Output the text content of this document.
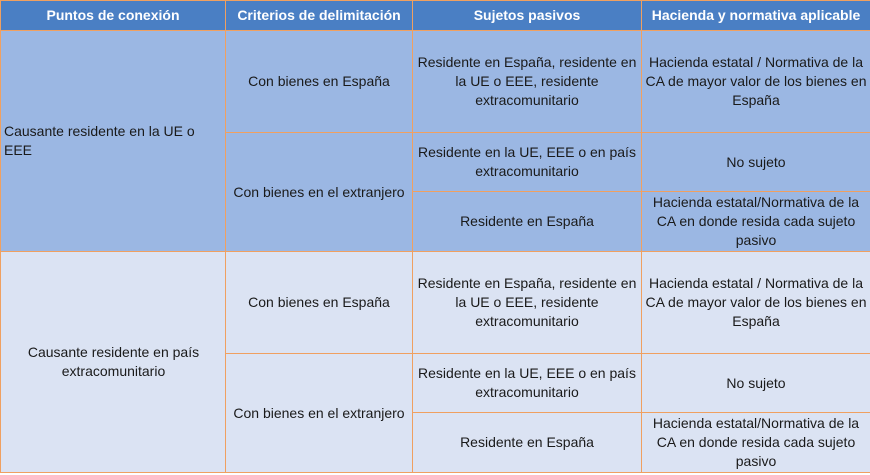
Puntos de conexión	Criterios de delimitación	Sujetos pasivos	Hacienda y normativa aplicable
Causante residente en la UE o EEE	Con bienes en España	Residente en España, residente en la UE o EEE, residente extracomunitario	Hacienda estatal / Normativa de la CA de mayor valor de los bienes en España
	Con bienes en el extranjero	Residente en la UE, EEE o en país extracomunitario	No sujeto
		Residente en España	Hacienda estatal/Normativa de la CA en donde resida cada sujeto pasivo
Causante residente en país extracomunitario	Con bienes en España	Residente en España, residente en la UE o EEE, residente extracomunitario	Hacienda estatal / Normativa de la CA de mayor valor de los bienes en España
	Con bienes en el extranjero	Residente en la UE, EEE o en país extracomunitario	No sujeto
		Residente en España	Hacienda estatal/Normativa de la CA en donde resida cada sujeto pasivo
